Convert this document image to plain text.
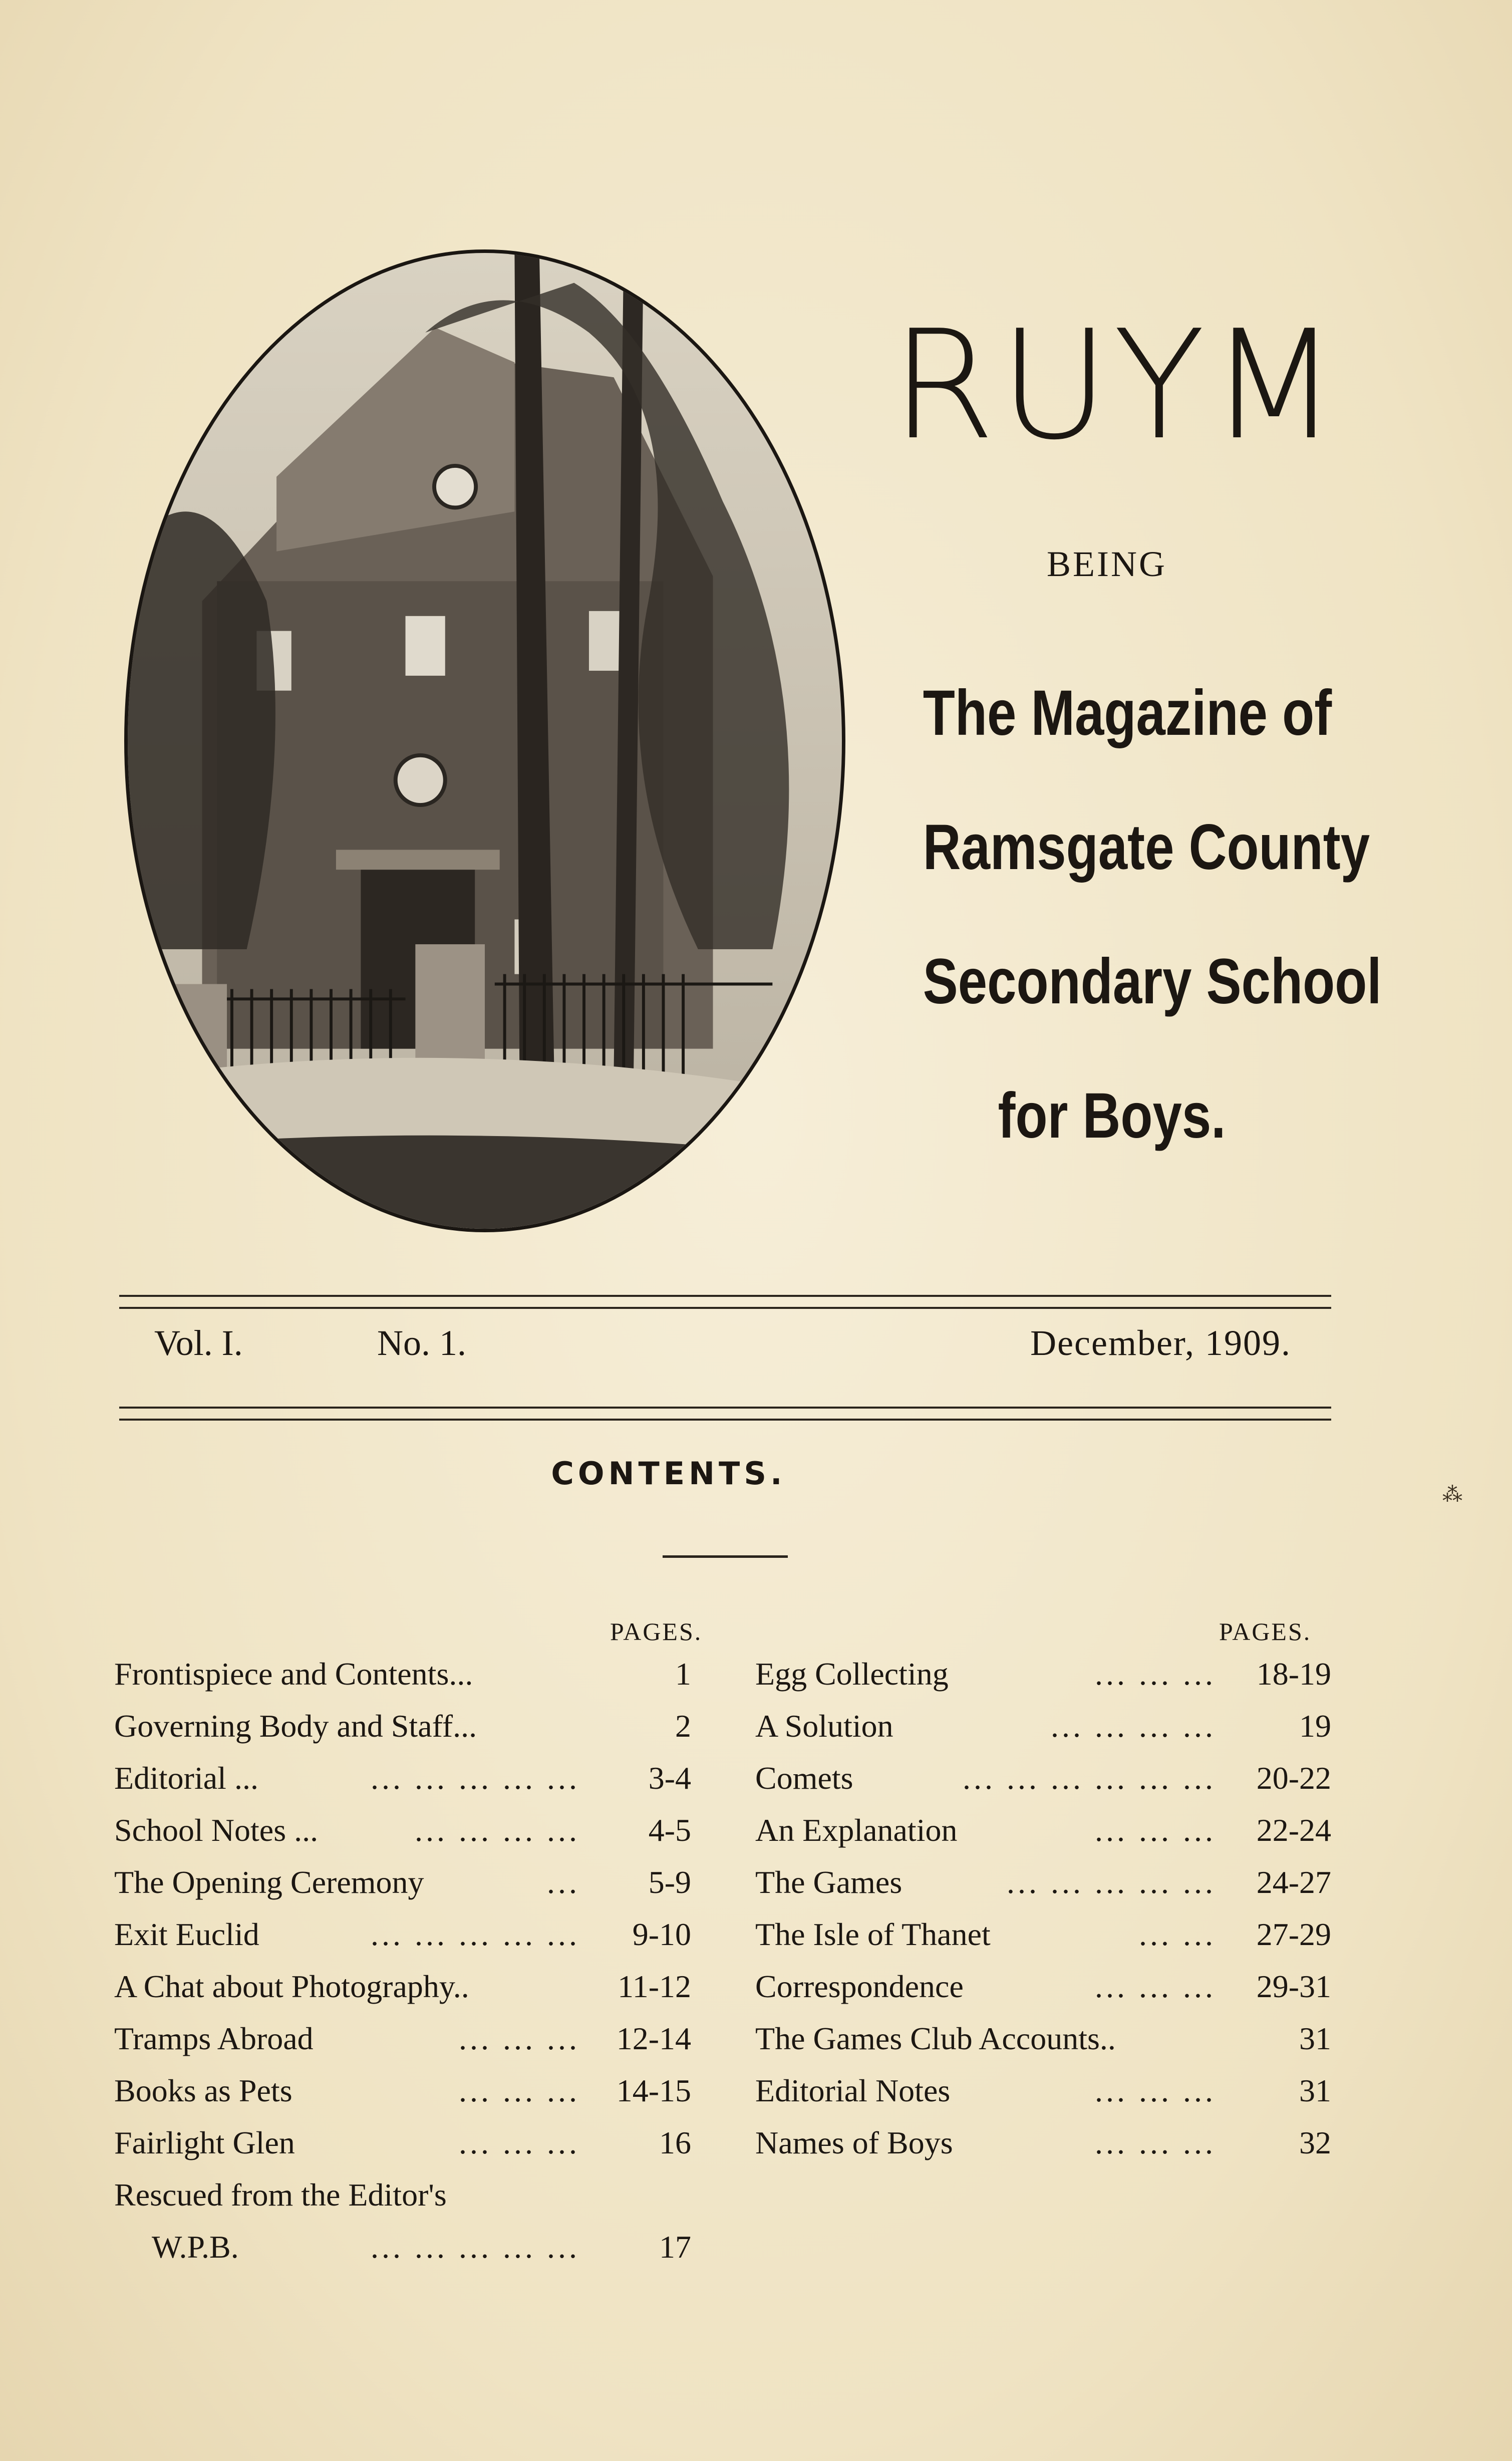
RUYM
BEING
The Magazine of
Ramsgate County
Secondary School
for Boys.
Vol. I.	No. 1.	December, 1909.
CONTENTS.
PAGES.	PAGES.
Frontispiece and Contents...	1
Governing Body and Staff...	2
Editorial ...	... ... ... ... ... 3-4
School Notes ...	... ... ... ... 4-5
The Opening Ceremony	... 5-9
Exit Euclid	... ... ... ... ... 9-10
A Chat about Photography..	11-12
Tramps Abroad	... ... ... 12-14
Books as Pets	... ... ... 14-15
Fairlight Glen	... ... ... 16
Rescued from the Editor's
W.P.B.	... ... ... ... ... 17
Egg Collecting	... ... ... 18-19
A Solution	... ... ... ...	19
Comets	... ... ... ... ... ... 20-22
An Explanation	... ... ... 22-24
The Games	... ... ... ... ... 24-27
The Isle of Thanet	... ... 27-29
Correspondence	... ... ... 29-31
The Games Club Accounts..	31
Editorial Notes	... ... ...	31
Names of Boys	... ... ...	32
⁂
